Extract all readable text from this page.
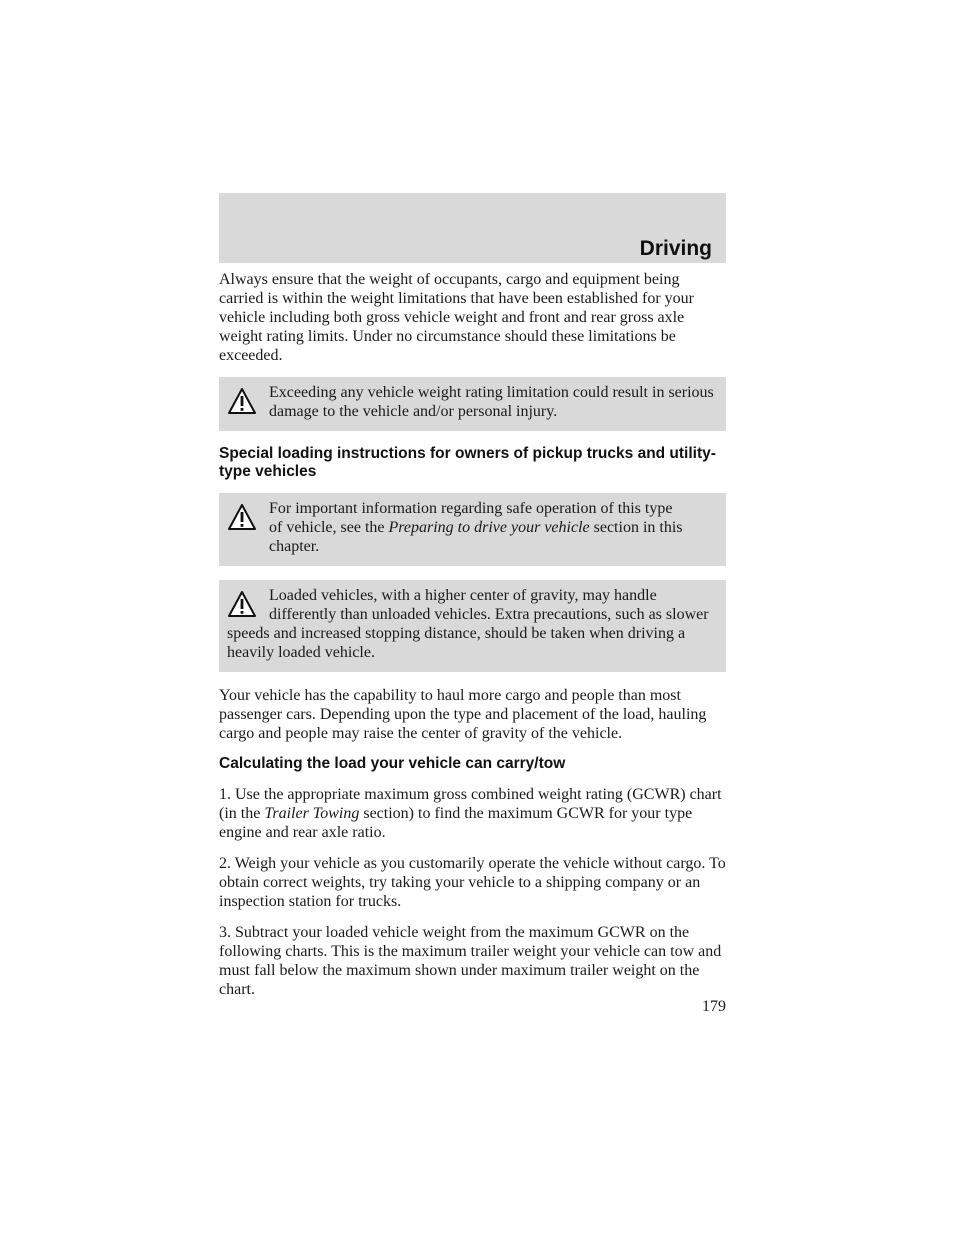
Driving

Always ensure that the weight of occupants, cargo and equipment being carried is within the weight limitations that have been established for your vehicle including both gross vehicle weight and front and rear gross axle weight rating limits. Under no circumstance should these limitations be exceeded.

Exceeding any vehicle weight rating limitation could result in serious damage to the vehicle and/or personal injury.
Special loading instructions for owners of pickup trucks and utility-type vehicles
For important information regarding safe operation of this type
of vehicle, see the Preparing to drive your vehicle section in this chapter.
Loaded vehicles, with a higher center of gravity, may handle
differently than unloaded vehicles. Extra precautions, such as slower speeds and increased stopping distance, should be taken when driving a heavily loaded vehicle.

Your vehicle has the capability to haul more cargo and people than most passenger cars. Depending upon the type and placement of the load, hauling cargo and people may raise the center of gravity of the vehicle.

Calculating the load your vehicle can carry/tow

1. Use the appropriate maximum gross combined weight rating (GCWR) chart (in the Trailer Towing section) to find the maximum GCWR for your type engine and rear axle ratio.

2. Weigh your vehicle as you customarily operate the vehicle without cargo. To obtain correct weights, try taking your vehicle to a shipping company or an inspection station for trucks.

3. Subtract your loaded vehicle weight from the maximum GCWR on the following charts. This is the maximum trailer weight your vehicle can tow and must fall below the maximum shown under maximum trailer weight on the chart.

179
